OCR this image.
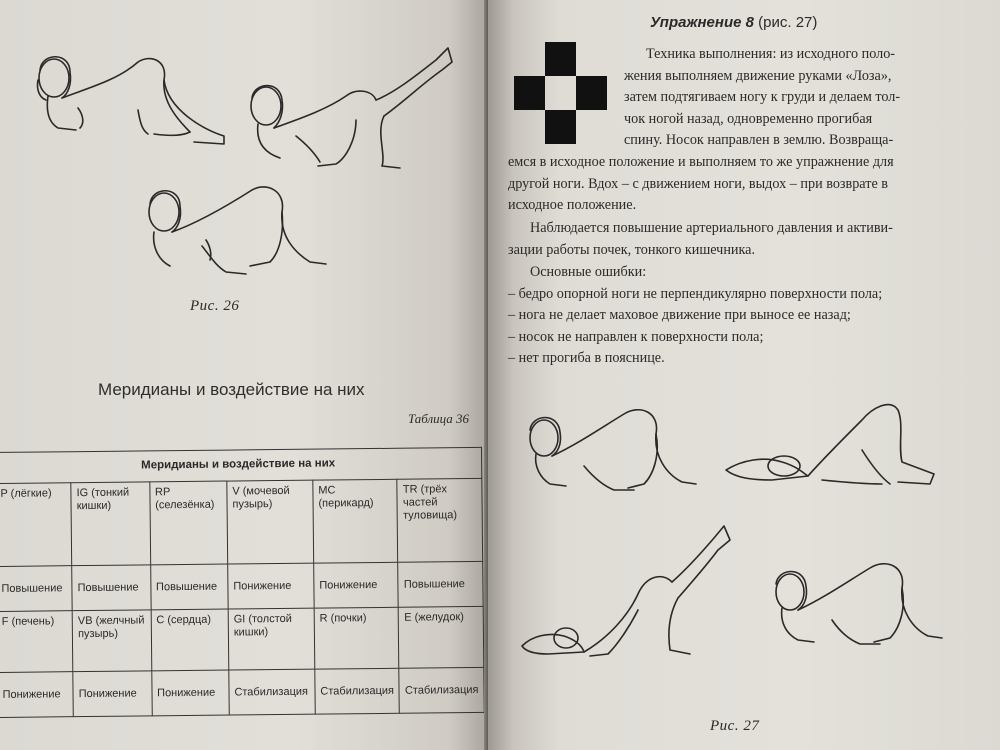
Рис. 26
Меридианы и воздействие на них
Таблица 36
Меридианы и воздействие на них					
P (лёгкие)	IG (тонкий кишки)	RP (селезёнка)	V (мочевой пузырь)	MC (перикард)	TR (трёх частей туловища)
Повышение	Повышение	Повышение	Понижение	Понижение	Повышение
F (печень)	VB (желчный пузырь)	C (сердца)	GI (толстой кишки)	R (почки)	E (желудок)
Понижение	Понижение	Понижение	Стабилизация	Стабилизация	Стабилизация
Упражнение 8 (рис. 27)

Техника выполнения: из исходного поло-

жения выполняем движение руками «Лоза»,

затем подтягиваем ногу к груди и делаем тол-

чок ногой назад, одновременно прогибая

спину. Носок направлен в землю. Возвраща-

емся в исходное положение и выполняем то же упражнение для

другой ноги. Вдох – с движением ноги, выдох – при возврате в

исходное положение.

Наблюдается повышение артериального давления и активи-

зации работы почек, тонкого кишечника.

Основные ошибки:

– бедро опорной ноги не перпендикулярно поверхности пола;

– нога не делает маховое движение при выносе ее назад;

– носок не направлен к поверхности пола;

– нет прогиба в пояснице.

Рис. 27
